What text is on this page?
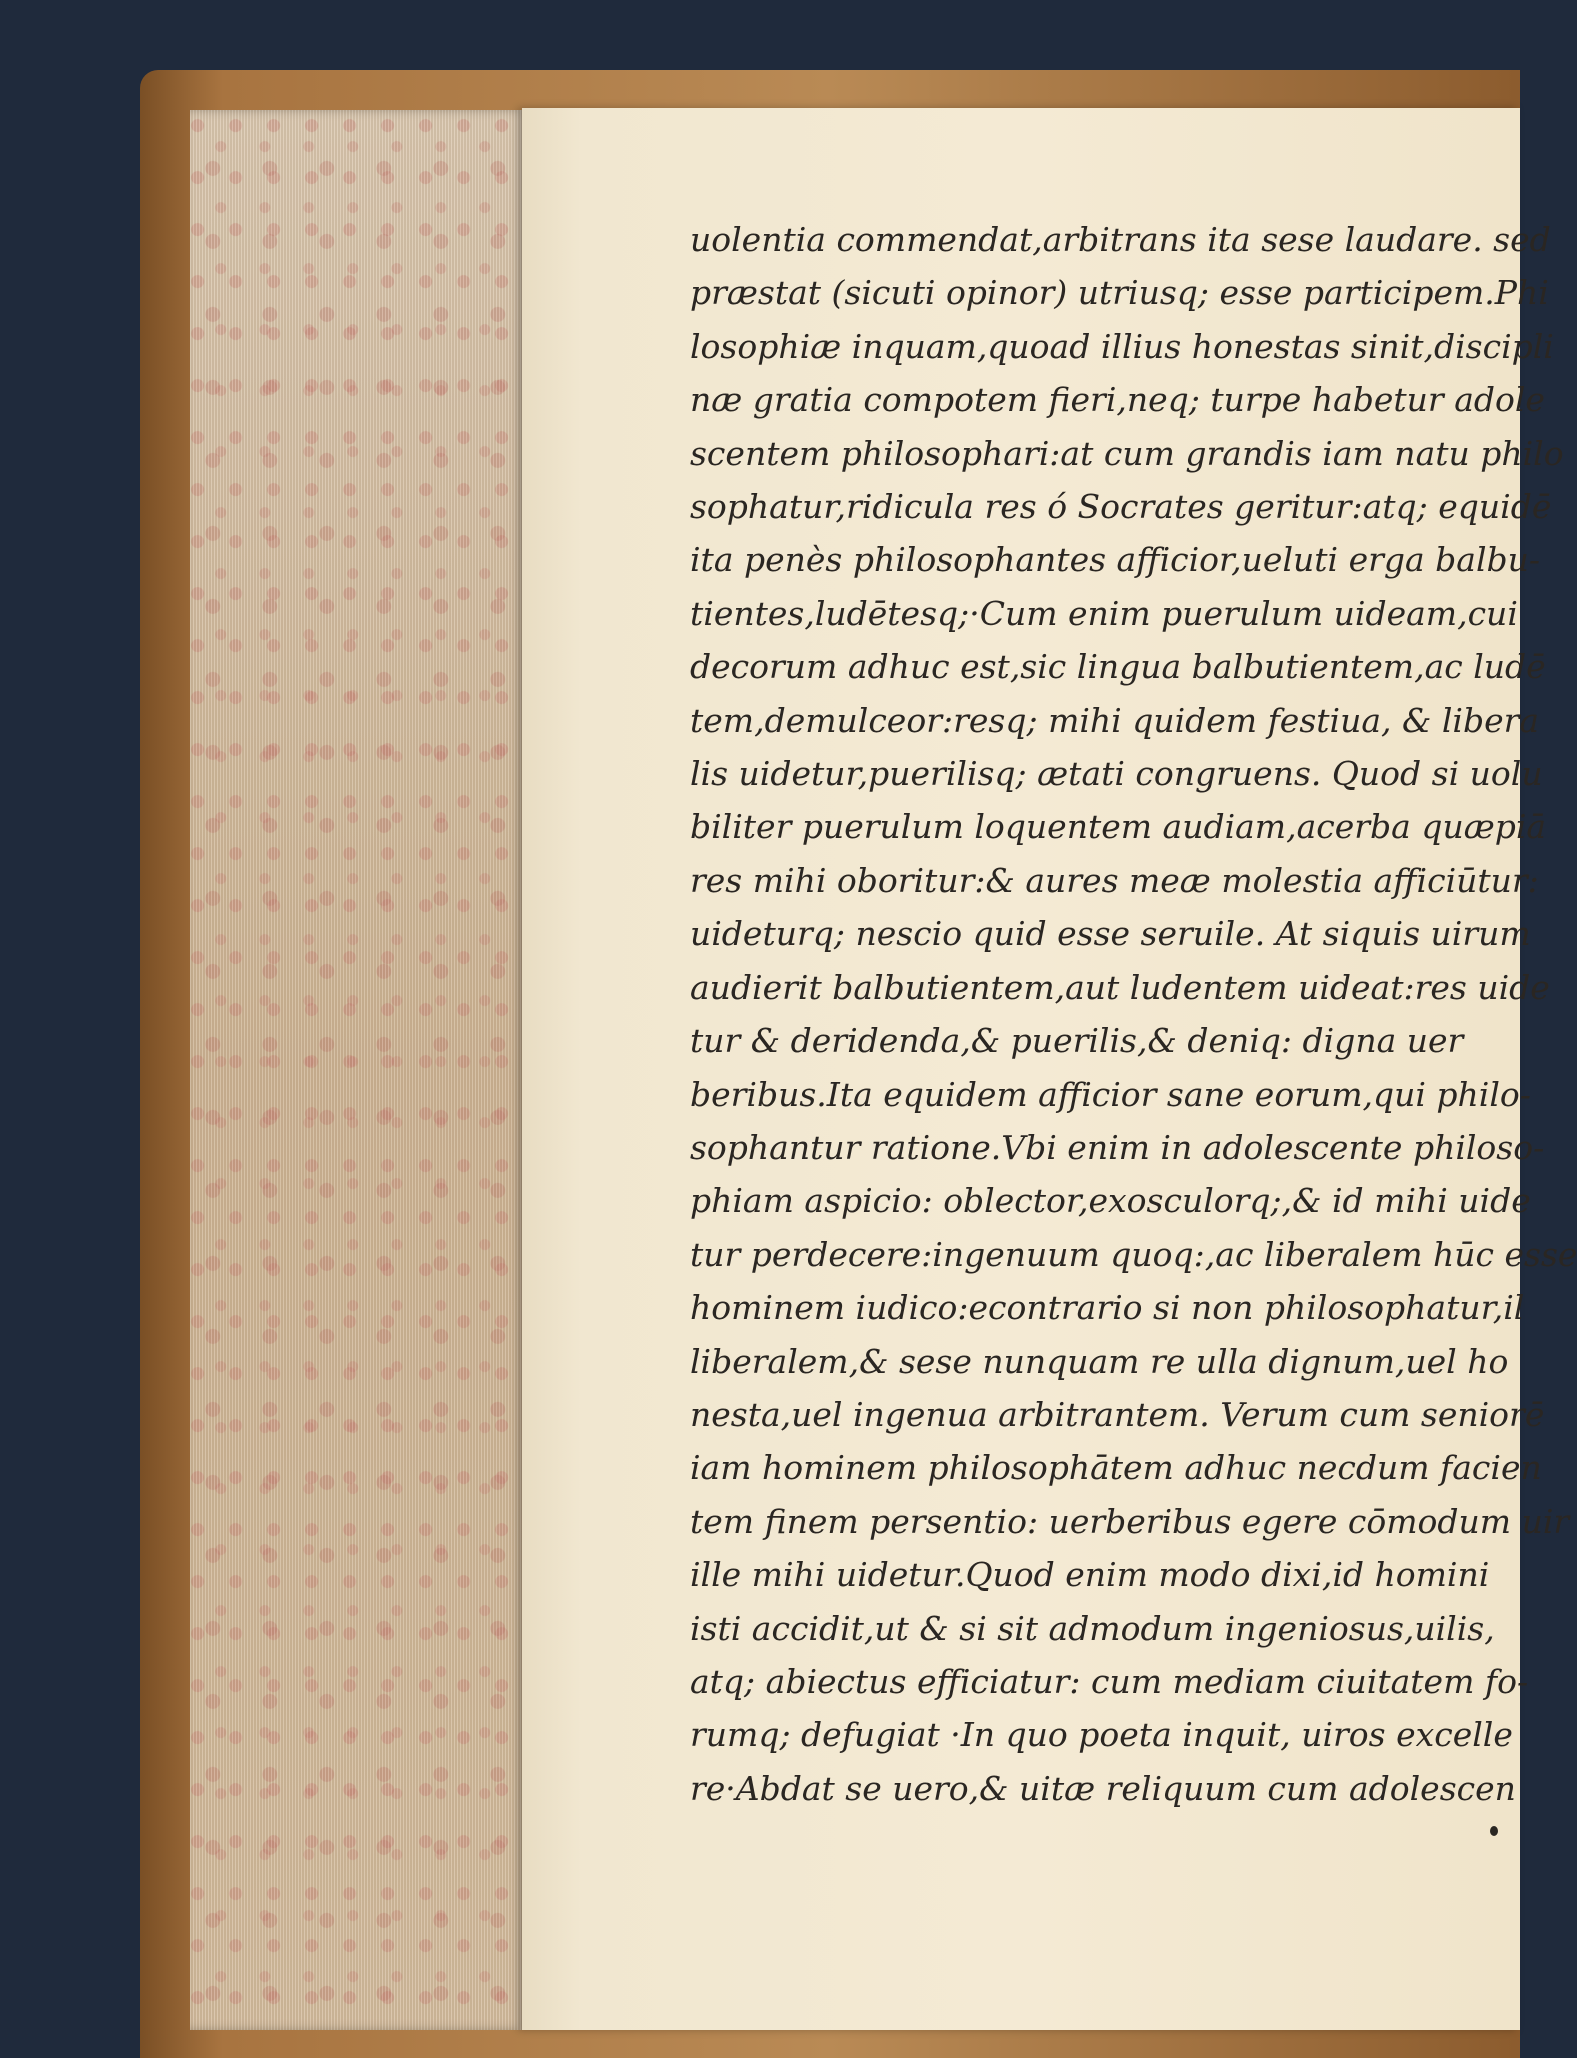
uolentia commendat,arbitrans ita sese laudare. sed
præstat (sicuti opinor) utriusq; esse participem.Phi
losophiæ inquam,quoad illius honestas sinit,discipli
næ gratia compotem fieri,neq; turpe habetur adole
scentem philosophari:at cum grandis iam natu philo
sophatur,ridicula res ó Socrates geritur:atq; equidē
ita penès philosophantes afficior,ueluti erga balbu-
tientes,ludētesq;·Cum enim puerulum uideam,cui
decorum adhuc est,sic lingua balbutientem,ac ludē
tem,demulceor:resq; mihi quidem festiua, & libera
lis uidetur,puerilisq; ætati congruens. Quod si uolu
biliter puerulum loquentem audiam,acerba quæpiā
res mihi oboritur:& aures meæ molestia afficiūtur:
uideturq; nescio quid esse seruile. At siquis uirum
audierit balbutientem,aut ludentem uideat:res uide
tur & deridenda,& puerilis,& deniq: digna uer
beribus.Ita equidem afficior sane eorum,qui philo-
sophantur ratione.Vbi enim in adolescente philoso-
phiam aspicio: oblector,exosculorq;,& id mihi uide
tur perdecere:ingenuum quoq:,ac liberalem hūc esse
hominem iudico:econtrario si non philosophatur,il
liberalem,& sese nunquam re ulla dignum,uel ho
nesta,uel ingenua arbitrantem. Verum cum seniorē
iam hominem philosophātem adhuc necdum facien
tem finem persentio: uerberibus egere cōmodum uir
ille mihi uidetur.Quod enim modo dixi,id homini
isti accidit,ut & si sit admodum ingeniosus,uilis,
atq; abiectus efficiatur: cum mediam ciuitatem fo-
rumq; defugiat ·In quo poeta inquit, uiros excelle
re·Abdat se uero,& uitæ reliquum cum adolescen
